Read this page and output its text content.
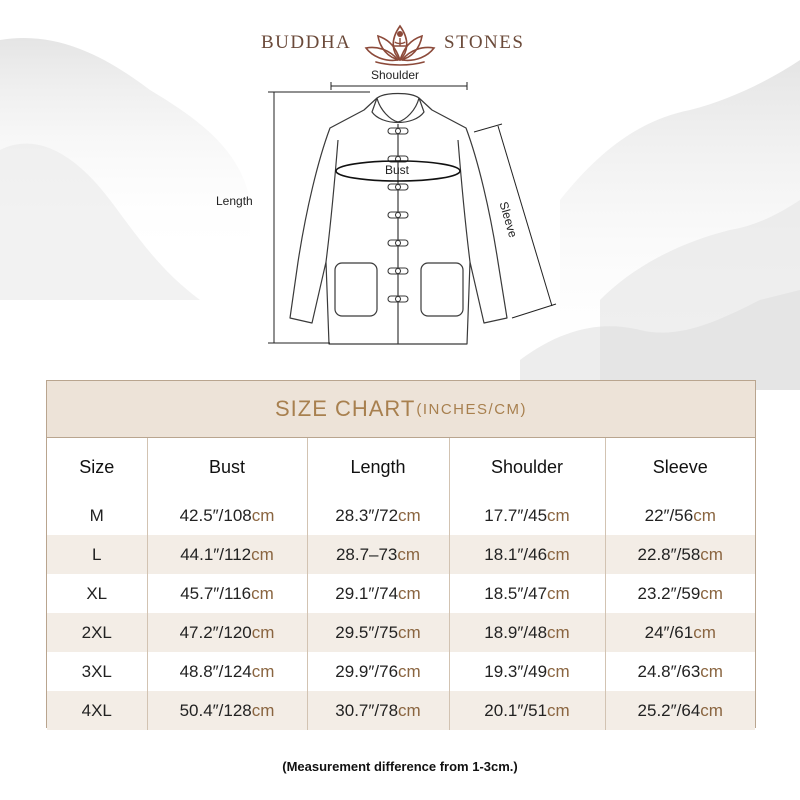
BUDDHA	STONES
Shoulder
Bust
Length	Sleeve
SIZE CHART (INCHES/CM)
Size	Bust	Length	Shoulder	Sleeve
M	42.5″/108cm	28.3″/72cm	17.7″/45cm	22″/56cm
L	44.1″/112cm	28.7–73cm	18.1″/46cm	22.8″/58cm
XL	45.7″/116cm	29.1″/74cm	18.5″/47cm	23.2″/59cm
2XL	47.2″/120cm	29.5″/75cm	18.9″/48cm	24″/61cm
3XL	48.8″/124cm	29.9″/76cm	19.3″/49cm	24.8″/63cm
4XL	50.4″/128cm	30.7″/78cm	20.1″/51cm	25.2″/64cm
(Measurement difference from 1-3cm.)
